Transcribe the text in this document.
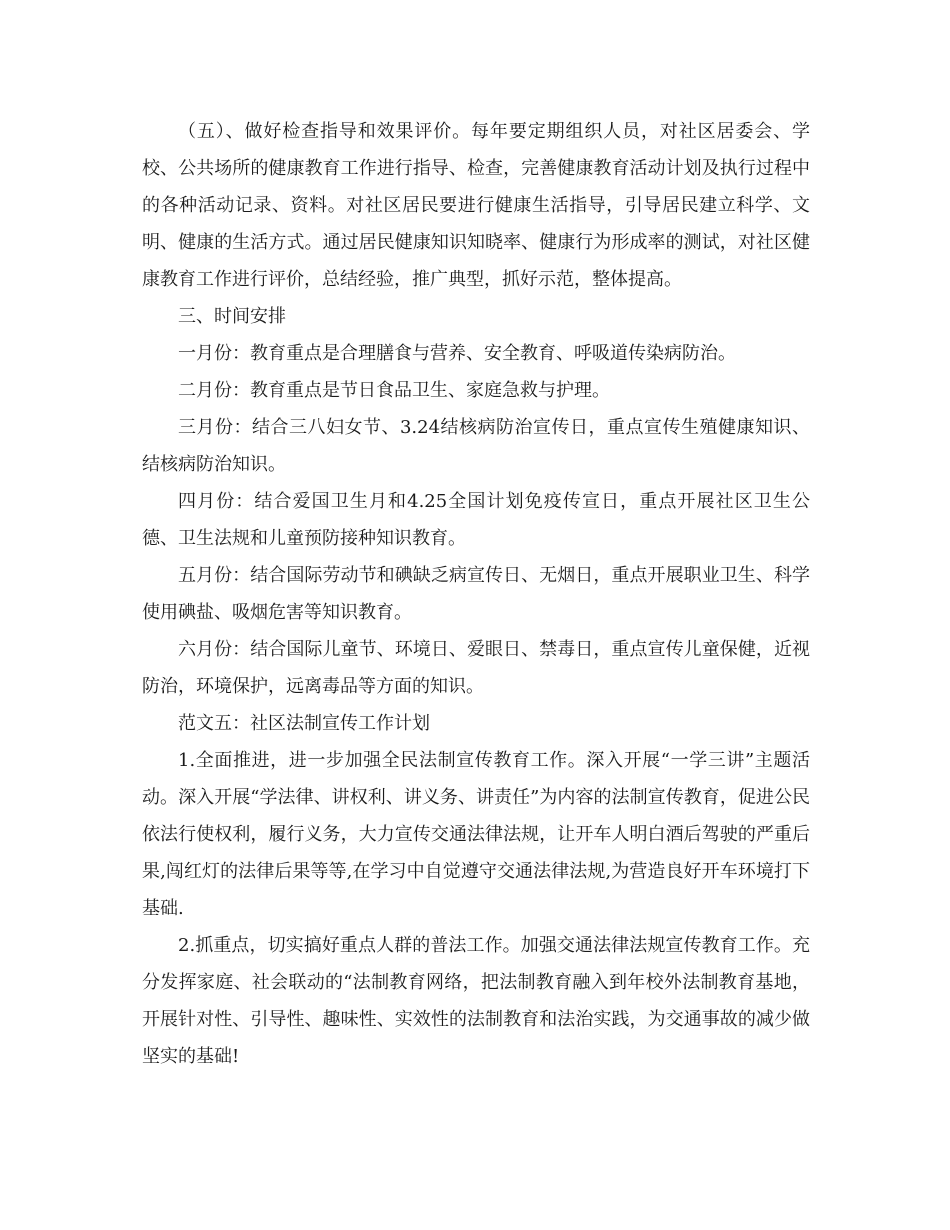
（五）、做好检查指导和效果评价。每年要定期组织人员，对社区居委会、学校、公共场所的健康教育工作进行指导、检查，完善健康教育活动计划及执行过程中的各种活动记录、资料。对社区居民要进行健康生活指导，引导居民建立科学、文明、健康的生活方式。通过居民健康知识知晓率、健康行为形成率的测试，对社区健康教育工作进行评价，总结经验，推广典型，抓好示范，整体提高。

三、时间安排

一月份：教育重点是合理膳食与营养、安全教育、呼吸道传染病防治。

二月份：教育重点是节日食品卫生、家庭急救与护理。

三月份：结合三八妇女节、3.24结核病防治宣传日，重点宣传生殖健康知识、结核病防治知识。

四月份：结合爱国卫生月和4.25全国计划免疫传宣日，重点开展社区卫生公德、卫生法规和儿童预防接种知识教育。

五月份：结合国际劳动节和碘缺乏病宣传日、无烟日，重点开展职业卫生、科学使用碘盐、吸烟危害等知识教育。

六月份：结合国际儿童节、环境日、爱眼日、禁毒日，重点宣传儿童保健，近视防治，环境保护，远离毒品等方面的知识。

范文五：社区法制宣传工作计划

1.全面推进，进一步加强全民法制宣传教育工作。深入开展“一学三讲”主题活动。深入开展“学法律、讲权利、讲义务、讲责任”为内容的法制宣传教育，促进公民依法行使权利，履行义务，大力宣传交通法律法规，让开车人明白酒后驾驶的严重后果,闯红灯的法律后果等等,在学习中自觉遵守交通法律法规,为营造良好开车环境打下基础.

2.抓重点，切实搞好重点人群的普法工作。加强交通法律法规宣传教育工作。充分发挥家庭、社会联动的“法制教育网络，把法制教育融入到年校外法制教育基地，开展针对性、引导性、趣味性、实效性的法制教育和法治实践，为交通事故的减少做坚实的基础!
